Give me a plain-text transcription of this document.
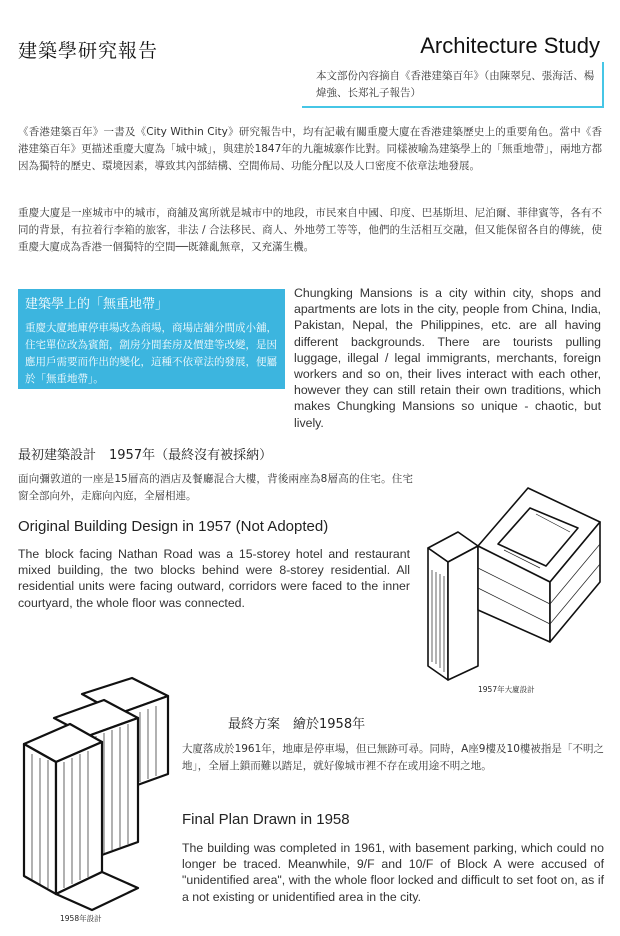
建築學研究報告	Architecture Study
本文部份內容摘自《香港建築百年》（由陳翠兒、張海活、楊煒強、长郑礼子報告）
《香港建築百年》一書及《City Within City》研究報告中，均有記載有關重慶大廈在香港建築歷史上的重要角色。當中《香港建築百年》更描述重慶大廈為「城中城」，與建於1847年的九龍城寨作比對。同樣被喻為建築學上的「無重地帶」，兩地方都因為獨特的歷史、環境因素，導致其內部結構、空間佈局、功能分配以及人口密度不依章法地發展。
重慶大廈是一座城市中的城市，商舖及寓所就是城市中的地段，市民來自中國、印度、巴基斯坦、尼泊爾、菲律賓等，各有不同的背景，有拉着行李箱的旅客，非法 / 合法移民、商人、外地勞工等等，他們的生活相互交融，但又能保留各自的傳統，使重慶大廈成為香港一個獨特的空間──既雜亂無章，又充滿生機。
建築學上的「無重地帶」
重慶大廈地庫停車場改為商場，商場店舖分間成小舖，住宅單位改為賓館，劏房分間套房及價建等改變，是因應用戶需要而作出的變化，這種不依章法的發展，便屬於「無重地帶」。
Chungking Mansions is a city within city, shops and apartments are lots in the city, people from China, India, Pakistan, Nepal, the Philippines, etc. are all having different backgrounds. There are tourists pulling luggage, illegal / legal immigrants, merchants, foreign workers and so on, their lives interact with each other, however they can still retain their own traditions, which makes Chungking Mansions so unique - chaotic, but lively.
最初建築設計　1957年（最終沒有被採納）
面向彌敦道的一座是15層高的酒店及餐廳混合大樓，背後兩座為8層高的住宅。住宅窗全部向外，走廊向內庭，全層相連。
Original Building Design in 1957 (Not Adopted)
The block facing Nathan Road was a 15-storey hotel and restaurant mixed building, the two blocks behind were 8-storey residential. All residential units were facing outward, corridors were faced to the inner courtyard, the whole floor was connected.
1957年大廈設計
1958年設計
最終方案　繪於1958年
大廈落成於1961年，地庫是停車場，但已無跡可尋。同時，A座9樓及10樓被指是「不明之地」，全層上鎖而難以踏足，就好像城市裡不存在或用途不明之地。
Final Plan Drawn in 1958
The building was completed in 1961, with basement parking, which could no longer be traced. Meanwhile, 9/F and 10/F of Block A were accused of "unidentified area", with the whole floor locked and difficult to set foot on, as if a not existing or unidentified area in the city.
